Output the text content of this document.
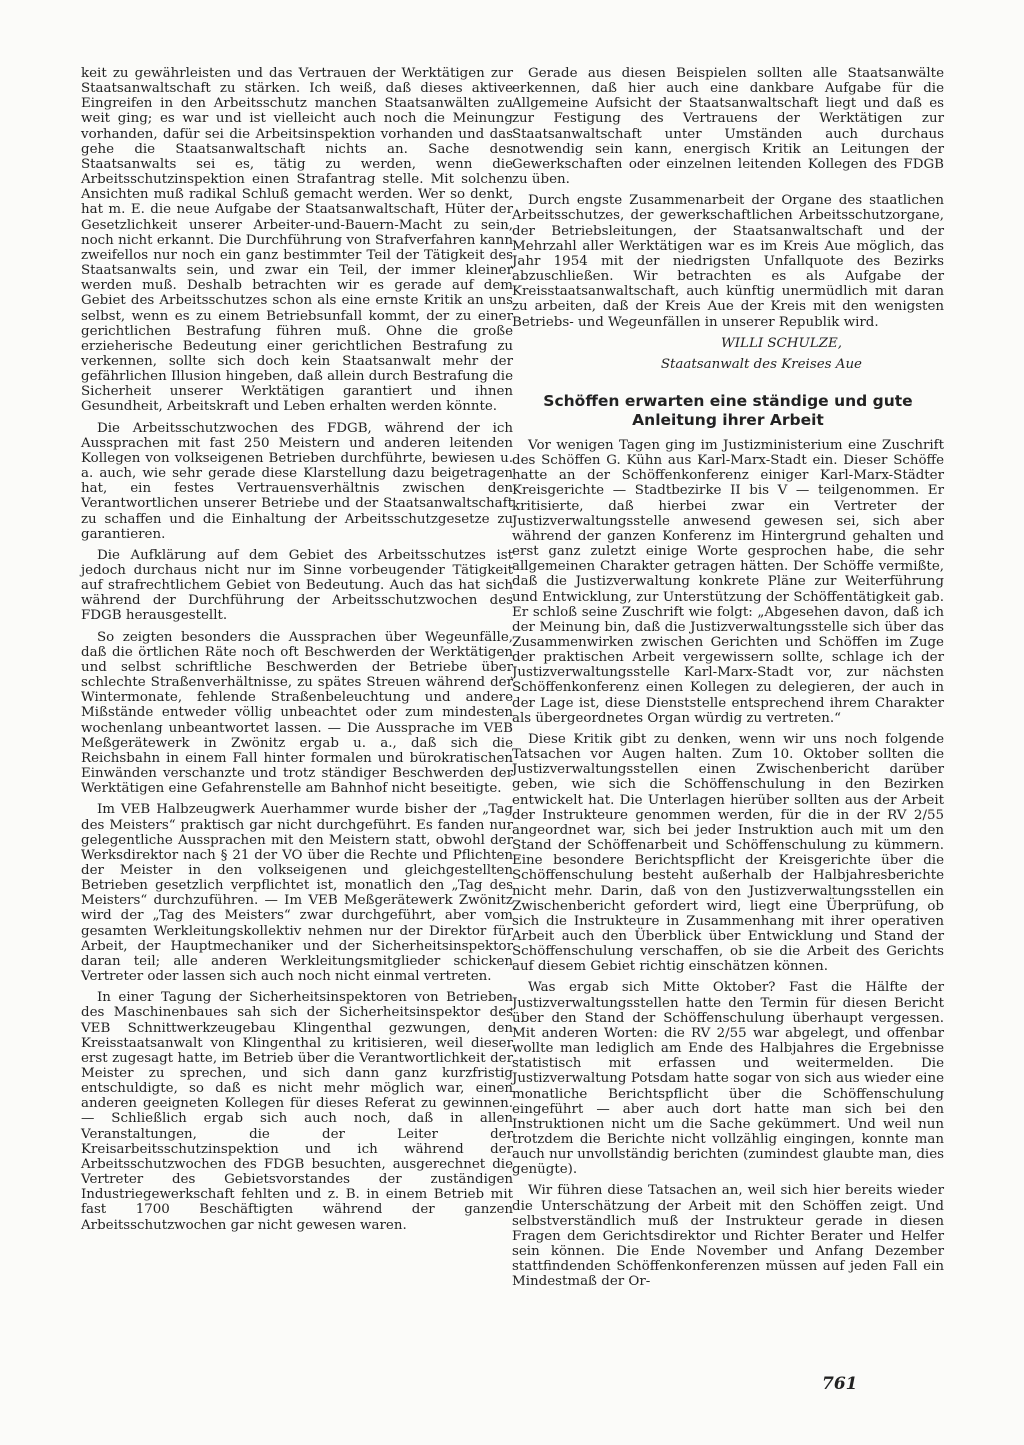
keit zu gewährleisten und das Vertrauen der Werktätigen zur Staatsanwaltschaft zu stärken. Ich weiß, daß dieses aktive Eingreifen in den Arbeitsschutz manchen Staatsanwälten zu weit ging; es war und ist vielleicht auch noch die Meinung vorhanden, dafür sei die Arbeitsinspektion vorhanden und das gehe die Staatsanwaltschaft nichts an. Sache des Staatsanwalts sei es, tätig zu werden, wenn die Arbeitsschutzinspektion einen Strafantrag stelle. Mit solchen Ansichten muß radikal Schluß gemacht werden. Wer so denkt, hat m. E. die neue Aufgabe der Staatsanwaltschaft, Hüter der Gesetzlichkeit unserer Arbeiter-und-Bauern-Macht zu sein, noch nicht erkannt. Die Durchführung von Strafverfahren kann zweifellos nur noch ein ganz bestimmter Teil der Tätigkeit des Staatsanwalts sein, und zwar ein Teil, der immer kleiner werden muß. Deshalb betrachten wir es gerade auf dem Gebiet des Arbeitsschutzes schon als eine ernste Kritik an uns selbst, wenn es zu einem Betriebsunfall kommt, der zu einer gerichtlichen Bestrafung führen muß. Ohne die große erzieherische Bedeutung einer gerichtlichen Bestrafung zu verkennen, sollte sich doch kein Staatsanwalt mehr der gefährlichen Illusion hingeben, daß allein durch Bestrafung die Sicherheit unserer Werktätigen garantiert und ihnen Gesundheit, Arbeitskraft und Leben erhalten werden könnte.

Die Arbeitsschutzwochen des FDGB, während der ich Aussprachen mit fast 250 Meistern und anderen leitenden Kollegen von volkseigenen Betrieben durchführte, bewiesen u. a. auch, wie sehr gerade diese Klarstellung dazu beigetragen hat, ein festes Vertrauensverhältnis zwischen den Verantwortlichen unserer Betriebe und der Staatsanwaltschaft zu schaffen und die Einhaltung der Arbeitsschutzgesetze zu garantieren.

Die Aufklärung auf dem Gebiet des Arbeitsschutzes ist jedoch durchaus nicht nur im Sinne vorbeugender Tätigkeit auf strafrechtlichem Gebiet von Bedeutung. Auch das hat sich während der Durchführung der Arbeitsschutzwochen des FDGB herausgestellt.

So zeigten besonders die Aussprachen über Wegeunfälle, daß die örtlichen Räte noch oft Beschwerden der Werktätigen und selbst schriftliche Beschwerden der Betriebe über schlechte Straßenverhältnisse, zu spätes Streuen während der Wintermonate, fehlende Straßenbeleuchtung und andere Mißstände entweder völlig unbeachtet oder zum mindesten wochenlang unbeantwortet lassen. — Die Aussprache im VEB Meßgerätewerk in Zwönitz ergab u. a., daß sich die Reichsbahn in einem Fall hinter formalen und bürokratischen Einwänden verschanzte und trotz ständiger Beschwerden der Werktätigen eine Gefahrenstelle am Bahnhof nicht beseitigte.

Im VEB Halbzeugwerk Auerhammer wurde bisher der „Tag des Meisters“ praktisch gar nicht durchgeführt. Es fanden nur gelegentliche Aussprachen mit den Meistern statt, obwohl der Werksdirektor nach § 21 der VO über die Rechte und Pflichten der Meister in den volkseigenen und gleichgestellten Betrieben gesetzlich verpflichtet ist, monatlich den „Tag des Meisters“ durchzuführen. — Im VEB Meßgerätewerk Zwönitz wird der „Tag des Meisters“ zwar durchgeführt, aber vom gesamten Werkleitungskollektiv nehmen nur der Direktor für Arbeit, der Hauptmechaniker und der Sicherheitsinspektor daran teil; alle anderen Werkleitungsmitglieder schicken Vertreter oder lassen sich auch noch nicht einmal vertreten.

In einer Tagung der Sicherheitsinspektoren von Betrieben des Maschinenbaues sah sich der Sicherheitsinspektor des VEB Schnittwerkzeugebau Klingenthal gezwungen, den Kreisstaatsanwalt von Klingenthal zu kritisieren, weil dieser erst zugesagt hatte, im Betrieb über die Verantwortlichkeit der Meister zu sprechen, und sich dann ganz kurzfristig entschuldigte, so daß es nicht mehr möglich war, einen anderen geeigneten Kollegen für dieses Referat zu gewinnen. — Schließlich ergab sich auch noch, daß in allen Veranstaltungen, die der Leiter der Kreisarbeitsschutzinspektion und ich während der Arbeitsschutzwochen des FDGB besuchten, ausgerechnet die Vertreter des Gebietsvorstandes der zuständigen Industriegewerkschaft fehlten und z. B. in einem Betrieb mit fast 1700 Beschäftigten während der ganzen Arbeitsschutzwochen gar nicht gewesen waren.

Gerade aus diesen Beispielen sollten alle Staatsanwälte erkennen, daß hier auch eine dankbare Aufgabe für die Allgemeine Aufsicht der Staatsanwaltschaft liegt und daß es zur Festigung des Vertrauens der Werktätigen zur Staatsanwaltschaft unter Umständen auch durchaus notwendig sein kann, energisch Kritik an Leitungen der Gewerkschaften oder einzelnen leitenden Kollegen des FDGB zu üben.

Durch engste Zusammenarbeit der Organe des staatlichen Arbeitsschutzes, der gewerkschaftlichen Arbeitsschutzorgane, der Betriebsleitungen, der Staatsanwaltschaft und der Mehrzahl aller Werktätigen war es im Kreis Aue möglich, das Jahr 1954 mit der niedrigsten Unfallquote des Bezirks abzuschließen. Wir betrachten es als Aufgabe der Kreisstaatsanwaltschaft, auch künftig unermüdlich mit daran zu arbeiten, daß der Kreis Aue der Kreis mit den wenigsten Betriebs- und Wegeunfällen in unserer Republik wird.

WILLI SCHULZE,

Staatsanwalt des Kreises Aue

Schöffen erwarten eine ständige und gute Anleitung ihrer Arbeit

Vor wenigen Tagen ging im Justizministerium eine Zuschrift des Schöffen G. Kühn aus Karl-Marx-Stadt ein. Dieser Schöffe hatte an der Schöffenkonferenz einiger Karl-Marx-Städter Kreisgerichte — Stadtbezirke II bis V — teilgenommen. Er kritisierte, daß hierbei zwar ein Vertreter der Justizverwaltungsstelle anwesend gewesen sei, sich aber während der ganzen Konferenz im Hintergrund gehalten und erst ganz zuletzt einige Worte gesprochen habe, die sehr allgemeinen Charakter getragen hätten. Der Schöffe vermißte, daß die Justizverwaltung konkrete Pläne zur Weiterführung und Entwicklung, zur Unterstützung der Schöffentätigkeit gab. Er schloß seine Zuschrift wie folgt: „Abgesehen davon, daß ich der Meinung bin, daß die Justizverwaltungsstelle sich über das Zusammenwirken zwischen Gerichten und Schöffen im Zuge der praktischen Arbeit vergewissern sollte, schlage ich der Justizverwaltungsstelle Karl-Marx-Stadt vor, zur nächsten Schöffenkonferenz einen Kollegen zu delegieren, der auch in der Lage ist, diese Dienststelle entsprechend ihrem Charakter als übergeordnetes Organ würdig zu vertreten.“

Diese Kritik gibt zu denken, wenn wir uns noch folgende Tatsachen vor Augen halten. Zum 10. Oktober sollten die Justizverwaltungsstellen einen Zwischenbericht darüber geben, wie sich die Schöffenschulung in den Bezirken entwickelt hat. Die Unterlagen hierüber sollten aus der Arbeit der Instrukteure genommen werden, für die in der RV 2/55 angeordnet war, sich bei jeder Instruktion auch mit um den Stand der Schöffenarbeit und Schöffenschulung zu kümmern. Eine besondere Berichtspflicht der Kreisgerichte über die Schöffenschulung besteht außerhalb der Halbjahresberichte nicht mehr. Darin, daß von den Justizverwaltungsstellen ein Zwischenbericht gefordert wird, liegt eine Überprüfung, ob sich die Instrukteure in Zusammenhang mit ihrer operativen Arbeit auch den Überblick über Entwicklung und Stand der Schöffenschulung verschaffen, ob sie die Arbeit des Gerichts auf diesem Gebiet richtig einschätzen können.

Was ergab sich Mitte Oktober? Fast die Hälfte der Justizverwaltungsstellen hatte den Termin für diesen Bericht über den Stand der Schöffenschulung überhaupt vergessen. Mit anderen Worten: die RV 2/55 war abgelegt, und offenbar wollte man lediglich am Ende des Halbjahres die Ergebnisse statistisch mit erfassen und weitermelden. Die Justizverwaltung Potsdam hatte sogar von sich aus wieder eine monatliche Berichtspflicht über die Schöffenschulung eingeführt — aber auch dort hatte man sich bei den Instruktionen nicht um die Sache gekümmert. Und weil nun trotzdem die Berichte nicht vollzählig eingingen, konnte man auch nur unvollständig berichten (zumindest glaubte man, dies genügte).

Wir führen diese Tatsachen an, weil sich hier bereits wieder die Unterschätzung der Arbeit mit den Schöffen zeigt. Und selbstverständlich muß der Instrukteur gerade in diesen Fragen dem Gerichtsdirektor und Richter Berater und Helfer sein können. Die Ende November und Anfang Dezember stattfindenden Schöffenkonferenzen müssen auf jeden Fall ein Mindestmaß der Or-

761
